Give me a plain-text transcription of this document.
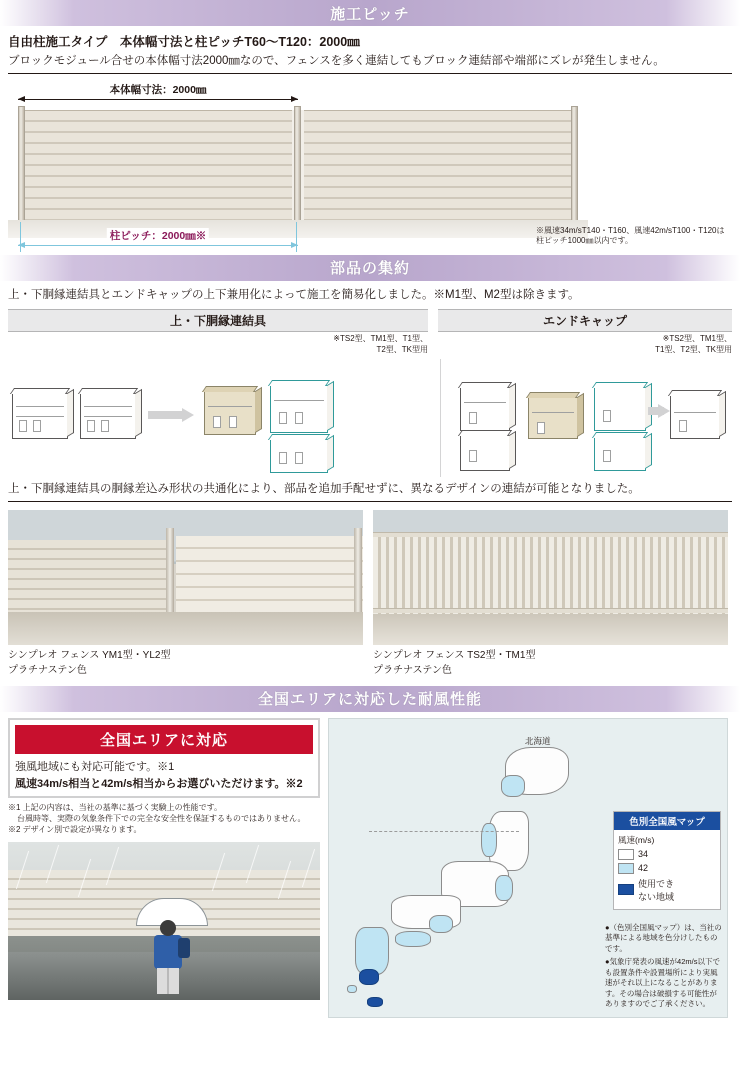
施工ピッチ
自由柱施工タイプ　本体幅寸法と柱ピッチT60～T120：2000㎜
ブロックモジュール合せの本体幅寸法2000㎜なので、フェンスを多く連結してもブロック連結部や端部にズレが発生しません。
本体幅寸法：2000㎜
柱ピッチ：2000㎜※	※風速34m/sT140・T160、風速42m/sT100・T120は柱ピッチ1000㎜以内です。
部品の集約
上・下胴縁連結具とエンドキャップの上下兼用化によって施工を簡易化しました。※M1型、M2型は除きます。
上・下胴縁連結具
※TS2型、TM1型、T1型、
T2型、TK型用
エンドキャップ
※TS2型、TM1型、
T1型、T2型、TK型用
上・下胴縁連結具の胴縁差込み形状の共通化により、部品を追加手配せずに、異なるデザインの連結が可能となりました。
シンプレオ フェンス YM1型・YL2型
プラチナステン色
シンプレオ フェンス TS2型・TM1型
プラチナステン色
全国エリアに対応した耐風性能
全国エリアに対応
強風地域にも対応可能です。※1
風速34m/s相当と42m/s相当からお選びいただけます。※2
※1 上記の内容は、当社の基準に基づく実験上の性能です。
台風時等、実際の気象条件下での完全な安全性を保証するものではありません。
※2 デザイン別で設定が異なります。
北海道
色別全国風マップ
風速(m/s)
34
42
使用でき
ない地域

●（色別全国風マップ）は、当社の基準による地域を色分けしたものです。

●気象庁発表の風速が42m/s以下でも設置条件や設置場所により実風速がそれ以上になることがあります。その場合は破損する可能性がありますのでご了承ください。
